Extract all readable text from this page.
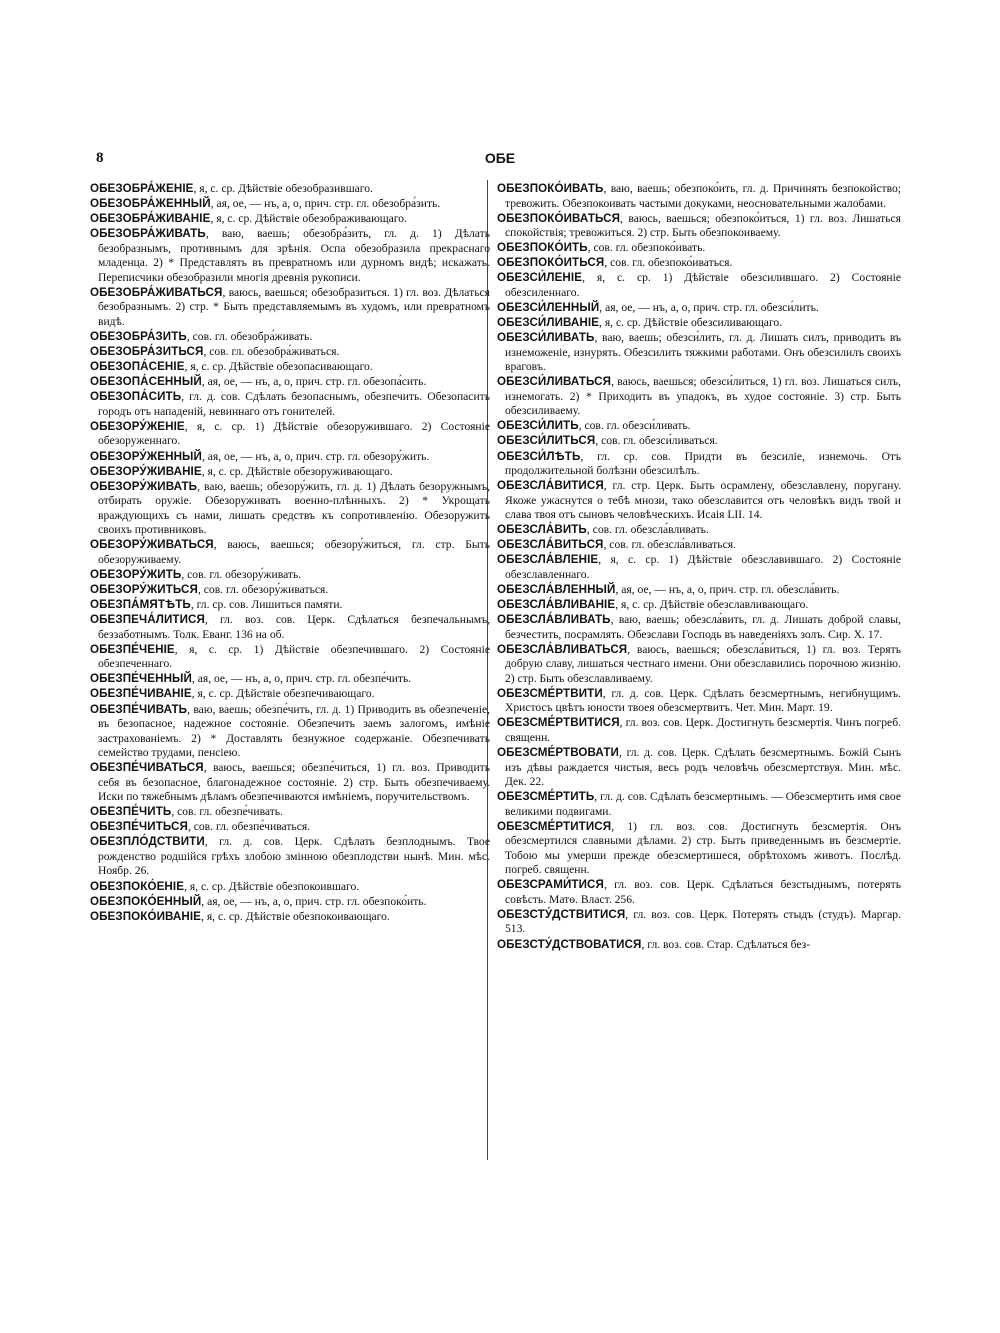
8	ОБЕ

ОБЕЗОБРА́ЖЕНІЕ, я, с. ср. Дѣйствіе обезобразившаго.

ОБЕЗОБРА́ЖЕННЫЙ, ая, ое, — нъ, а, о, прич. стр. гл. обезобра́зить.

ОБЕЗОБРА́ЖИВАНІЕ, я, с. ср. Дѣйствіе обезображивающаго.

ОБЕЗОБРА́ЖИВАТЬ, ваю, ваешь; обезобра́зить, гл. д. 1) Дѣлать безобразнымъ, противнымъ для зрѣнія. Оспа обезобразила прекраснаго младенца. 2) * Представлять въ превратномъ или дурномъ видѣ; искажать. Переписчики обезобразили многія древнія рукописи.

ОБЕЗОБРА́ЖИВАТЬСЯ, ваюсь, ваешься; обезобразиться. 1) гл. воз. Дѣлаться безобразнымъ. 2) стр. * Быть представляемымъ въ худомъ, или превратномъ видѣ.

ОБЕЗОБРА́ЗИТЬ, сов. гл. обезобра́живать.

ОБЕЗОБРА́ЗИТЬСЯ, сов. гл. обезобра́живаться.

ОБЕЗОПА́СЕНІЕ, я, с. ср. Дѣйствіе обезопасивающаго.

ОБЕЗОПА́СЕННЫЙ, ая, ое, — нъ, а, о, прич. стр. гл. обезопа́сить.

ОБЕЗОПА́СИТЬ, гл. д. сов. Сдѣлать безопаснымъ, обезпечить. Обезопасить городъ отъ нападеній, невиннаго отъ гонителей.

ОБЕЗОРУ́ЖЕНІЕ, я, с. ср. 1) Дѣйствіе обезоружившаго. 2) Состояніе обезоруженнаго.

ОБЕЗОРУ́ЖЕННЫЙ, ая, ое, — нъ, а, о, прич. стр. гл. обезору́жить.

ОБЕЗОРУ́ЖИВАНІЕ, я, с. ср. Дѣйствіе обезоруживающаго.

ОБЕЗОРУ́ЖИВАТЬ, ваю, ваешь; обезору́жить, гл. д. 1) Дѣлать безоружнымъ, отбирать оружіе. Обезоруживать военно-плѣнныхъ. 2) * Укрощать враждующихъ съ нами, лишать средствъ къ сопротивленію. Обезоружить своихъ противниковъ.

ОБЕЗОРУ́ЖИВАТЬСЯ, ваюсь, ваешься; обезору́житься, гл. стр. Быть обезоруживаему.

ОБЕЗОРУ́ЖИТЬ, сов. гл. обезору́живать.

ОБЕЗОРУ́ЖИТЬСЯ, сов. гл. обезору́живаться.

ОБЕЗПА́МЯТѢТЬ, гл. ср. сов. Лишиться памяти.

ОБЕЗПЕЧА́ЛИТИСЯ, гл. воз. сов. Церк. Сдѣлаться безпечальнымъ, беззаботнымъ. Толк. Еванг. 136 на об.

ОБЕЗПЕ́ЧЕНІЕ, я, с. ср. 1) Дѣйствіе обезпечившаго. 2) Состояніе обезпеченнаго.

ОБЕЗПЕ́ЧЕННЫЙ, ая, ое, — нъ, а, о, прич. стр. гл. обезпе́чить.

ОБЕЗПЕ́ЧИВАНІЕ, я, с. ср. Дѣйствіе обезпечивающаго.

ОБЕЗПЕ́ЧИВАТЬ, ваю, ваешь; обезпе́чить, гл. д. 1) Приводить въ обезпеченіе, въ безопасное, надежное состояніе. Обезпечить заемъ залогомъ, имѣніе застрахованіемъ. 2) * Доставлять безнужное содержаніе. Обезпечивать семейство трудами, пенсіею.

ОБЕЗПЕ́ЧИВАТЬСЯ, ваюсь, ваешься; обезпе́читься, 1) гл. воз. Приводить себя въ безопасное, благонадежное состояніе. 2) стр. Быть обезпечиваему. Иски по тяжебнымъ дѣламъ обезпечиваются имѣніемъ, поручительствомъ.

ОБЕЗПЕ́ЧИТЬ, сов. гл. обезпе́чивать.

ОБЕЗПЕ́ЧИТЬСЯ, сов. гл. обезпе́чиваться.

ОБЕЗПЛО́ДСТВИТИ, гл. д. сов. Церк. Сдѣлать безплоднымъ. Твое рожденство родшійся грѣхъ злобою змінною обезплодстви нынѣ. Мин. мѣс. Ноябр. 26.

ОБЕЗПОКО́ЕНІЕ, я, с. ср. Дѣйствіе обезпокоившаго.

ОБЕЗПОКО́ЕННЫЙ, ая, ое, — нъ, а, о, прич. стр. гл. обезпоко́ить.

ОБЕЗПОКО́ИВАНІЕ, я, с. ср. Дѣйствіе обезпокоивающаго.

ОБЕЗПОКО́ИВАТЬ, ваю, ваешь; обезпоко́ить, гл. д. Причинять безпокойство; тревожить. Обезпокоивать частыми докуками, неосновательными жалобами.

ОБЕЗПОКО́ИВАТЬСЯ, ваюсь, ваешься; обезпоко́иться, 1) гл. воз. Лишаться спокойствія; тревожиться. 2) стр. Быть обезпокоиваему.

ОБЕЗПОКО́ИТЬ, сов. гл. обезпоко́ивать.

ОБЕЗПОКО́ИТЬСЯ, сов. гл. обезпоко́иваться.

ОБЕЗСИ́ЛЕНІЕ, я, с. ср. 1) Дѣйствіе обезсилившаго. 2) Состояніе обезсиленнаго.

ОБЕЗСИ́ЛЕННЫЙ, ая, ое, — нъ, а, о, прич. стр. гл. обезси́лить.

ОБЕЗСИ́ЛИВАНІЕ, я, с. ср. Дѣйствіе обезсиливающаго.

ОБЕЗСИ́ЛИВАТЬ, ваю, ваешь; обезси́лить, гл. д. Лишать силъ, приводить въ изнеможеніе, изнурять. Обезсилить тяжкими работами. Онъ обезсилилъ своихъ враговъ.

ОБЕЗСИ́ЛИВАТЬСЯ, ваюсь, ваешься; обезси́литься, 1) гл. воз. Лишаться силъ, изнемогать. 2) * Приходить въ упадокъ, въ худое состояніе. 3) стр. Быть обезсиливаему.

ОБЕЗСИ́ЛИТЬ, сов. гл. обезси́ливать.

ОБЕЗСИ́ЛИТЬСЯ, сов. гл. обезси́ливаться.

ОБЕЗСИ́ЛѢТЬ, гл. ср. сов. Придти въ безсиліе, изнемочь. Отъ продолжительной болѣзни обезсилѣлъ.

ОБЕЗСЛА́ВИТИСЯ, гл. стр. Церк. Быть осрамлену, обезславлену, поругану. Якоже ужаснутся о тебѣ мнози, тако обезславится отъ человѣкъ видъ твой и слава твоя отъ сыновъ человѣческихъ. Исаія LII. 14.

ОБЕЗСЛА́ВИТЬ, сов. гл. обезсла́вливать.

ОБЕЗСЛА́ВИТЬСЯ, сов. гл. обезсла́вливаться.

ОБЕЗСЛА́ВЛЕНІЕ, я, с. ср. 1) Дѣйствіе обезславившаго. 2) Состояніе обезславленнаго.

ОБЕЗСЛА́ВЛЕННЫЙ, ая, ое, — нъ, а, о, прич. стр. гл. обезсла́вить.

ОБЕЗСЛА́ВЛИВАНІЕ, я, с. ср. Дѣйствіе обезславливающаго.

ОБЕЗСЛА́ВЛИВАТЬ, ваю, ваешь; обезсла́вить, гл. д. Лишать доброй славы, безчестить, посрамлять. Обезслави Господь въ наведеніяхъ золъ. Сир. X. 17.

ОБЕЗСЛА́ВЛИВАТЬСЯ, ваюсь, ваешься; обезсла́виться, 1) гл. воз. Терять добрую славу, лишаться честнаго имени. Они обезславились порочною жизнію. 2) стр. Быть обезславливаему.

ОБЕЗСМЕ́РТВИТИ, гл. д. сов. Церк. Сдѣлать безсмертнымъ, негибнущимъ. Христосъ цвѣтъ юности твоея обезсмертвитъ. Чет. Мин. Март. 19.

ОБЕЗСМЕ́РТВИТИСЯ, гл. воз. сов. Церк. Достигнуть безсмертія. Чинъ погреб. священн.

ОБЕЗСМЕ́РТВОВАТИ, гл. д. сов. Церк. Сдѣлать безсмертнымъ. Божій Сынъ изъ дѣвы раждается чистыя, весь родъ человѣчь обезсмертствуя. Мин. мѣс. Дек. 22.

ОБЕЗСМЕ́РТИТЬ, гл. д. сов. Сдѣлать безсмертнымъ. — Обезсмертить имя свое великими подвигами.

ОБЕЗСМЕ́РТИТИСЯ, 1) гл. воз. сов. Достигнуть безсмертія. Онъ обезсмертился славными дѣлами. 2) стр. Быть приведеннымъ въ безсмертіе. Тобою мы умерши прежде обезсмертишеся, обрѣтохомъ животъ. Послѣд. погреб. священн.

ОБЕЗСРАМИ́ТИСЯ, гл. воз. сов. Церк. Сдѣлаться безстыднымъ, потерять совѣсть. Матѳ. Власт. 256.

ОБЕЗСТУ́ДСТВИТИСЯ, гл. воз. сов. Церк. Потерять стыдъ (студъ). Маргар. 513.

ОБЕЗСТУ́ДСТВОВАТИСЯ, гл. воз. сов. Стар. Сдѣлаться без-
